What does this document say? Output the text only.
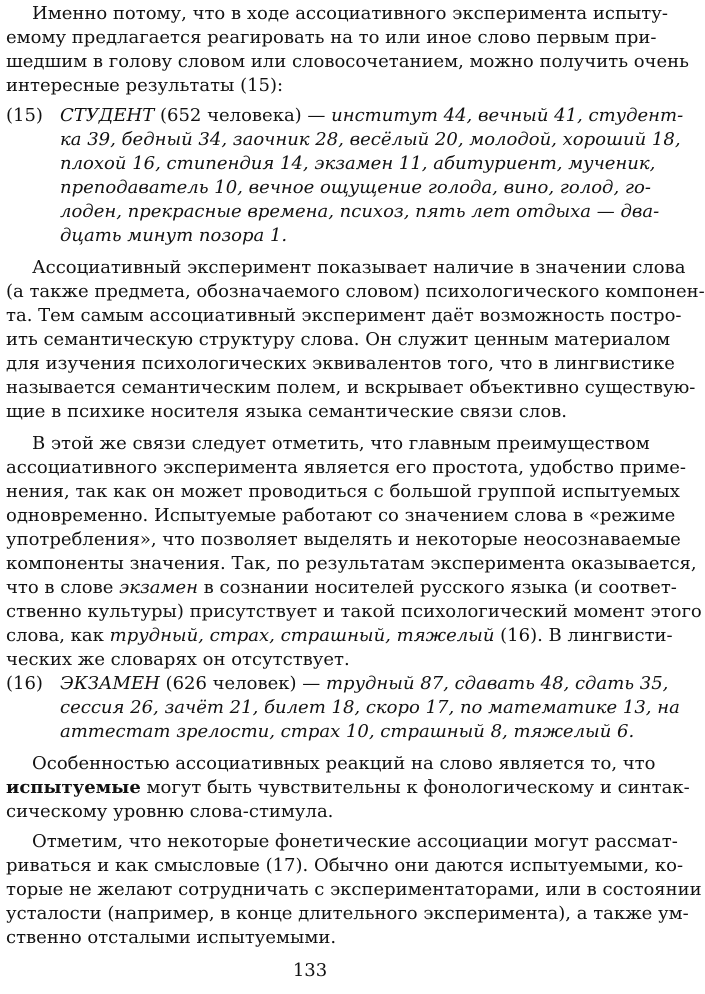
Именно потому, что в ходе ассоциативного эксперимента испыту-
емому предлагается реагировать на то или иное слово первым при-
шедшим в голову словом или словосочетанием, можно получить очень
интересные результаты (15):
(15) СТУДЕНТ (652 человека) — институт 44, вечный 41, студент-
ка 39, бедный 34, заочник 28, весёлый 20, молодой, хороший 18,
плохой 16, стипендия 14, экзамен 11, абитуриент, мученик,
преподаватель 10, вечное ощущение голода, вино, голод, го-
лоден, прекрасные времена, психоз, пять лет отдыха — два-
дцать минут позора 1.
Ассоциативный эксперимент показывает наличие в значении слова
(а также предмета, обозначаемого словом) психологического компонен-
та. Тем самым ассоциативный эксперимент даёт возможность постро-
ить семантическую структуру слова. Он служит ценным материалом
для изучения психологических эквивалентов того, что в лингвистике
называется семантическим полем, и вскрывает объективно существую-
щие в психике носителя языка семантические связи слов.
В этой же связи следует отметить, что главным преимуществом
ассоциативного эксперимента является его простота, удобство приме-
нения, так как он может проводиться с большой группой испытуемых
одновременно. Испытуемые работают со значением слова в «режиме
употребления», что позволяет выделять и некоторые неосознаваемые
компоненты значения. Так, по результатам эксперимента оказывается,
что в слове экзамен в сознании носителей русского языка (и соответ-
ственно культуры) присутствует и такой психологический момент этого
слова, как трудный, страх, страшный, тяжелый (16). В лингвисти-
ческих же словарях он отсутствует.
(16) ЭКЗАМЕН (626 человек) — трудный 87, сдавать 48, сдать 35,
сессия 26, зачёт 21, билет 18, скоро 17, по математике 13, на
аттестат зрелости, страх 10, страшный 8, тяжелый 6.
Особенностью ассоциативных реакций на слово является то, что
испытуемые могут быть чувствительны к фонологическому и синтак-
сическому уровню слова-стимула.
Отметим, что некоторые фонетические ассоциации могут рассмат-
риваться и как смысловые (17). Обычно они даются испытуемыми, ко-
торые не желают сотрудничать с экспериментаторами, или в состоянии
усталости (например, в конце длительного эксперимента), а также ум-
ственно отсталыми испытуемыми.
133
